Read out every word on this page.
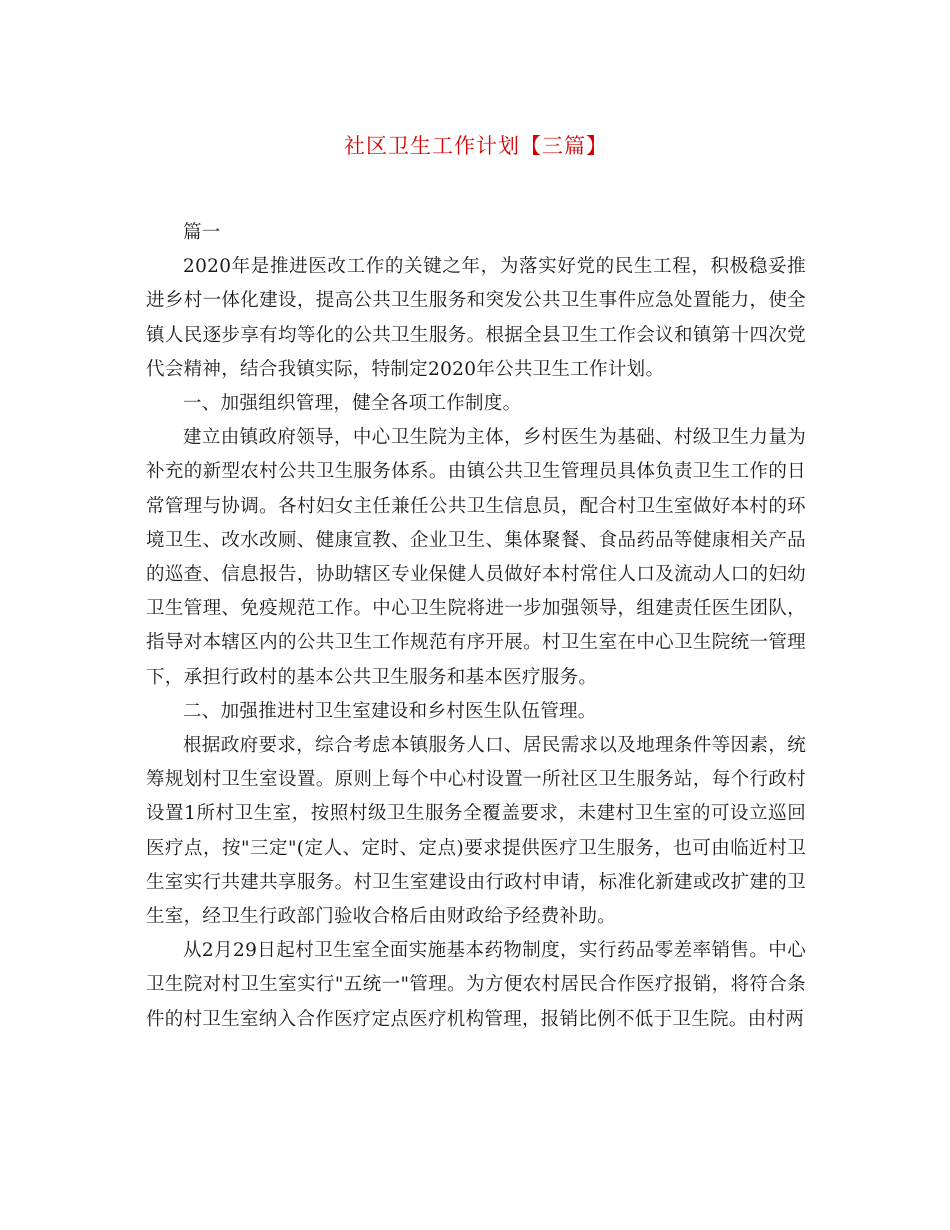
社区卫生工作计划【三篇】

篇一

2020年是推进医改工作的关键之年，为落实好党的民生工程，积极稳妥推进乡村一体化建设，提高公共卫生服务和突发公共卫生事件应急处置能力，使全镇人民逐步享有均等化的公共卫生服务。根据全县卫生工作会议和镇第十四次党代会精神，结合我镇实际，特制定2020年公共卫生工作计划。

一、加强组织管理，健全各项工作制度。

建立由镇政府领导，中心卫生院为主体，乡村医生为基础、村级卫生力量为补充的新型农村公共卫生服务体系。由镇公共卫生管理员具体负责卫生工作的日常管理与协调。各村妇女主任兼任公共卫生信息员，配合村卫生室做好本村的环境卫生、改水改厕、健康宣教、企业卫生、集体聚餐、食品药品等健康相关产品的巡查、信息报告，协助辖区专业保健人员做好本村常住人口及流动人口的妇幼卫生管理、免疫规范工作。中心卫生院将进一步加强领导，组建责任医生团队，指导对本辖区内的公共卫生工作规范有序开展。村卫生室在中心卫生院统一管理下，承担行政村的基本公共卫生服务和基本医疗服务。

二、加强推进村卫生室建设和乡村医生队伍管理。

根据政府要求，综合考虑本镇服务人口、居民需求以及地理条件等因素，统筹规划村卫生室设置。原则上每个中心村设置一所社区卫生服务站，每个行政村设置1所村卫生室，按照村级卫生服务全覆盖要求，未建村卫生室的可设立巡回医疗点，按"三定"(定人、定时、定点)要求提供医疗卫生服务，也可由临近村卫生室实行共建共享服务。村卫生室建设由行政村申请，标准化新建或改扩建的卫生室，经卫生行政部门验收合格后由财政给予经费补助。

从2月29日起村卫生室全面实施基本药物制度，实行药品零差率销售。中心卫生院对村卫生室实行"五统一"管理。为方便农村居民合作医疗报销，将符合条件的村卫生室纳入合作医疗定点医疗机构管理，报销比例不低于卫生院。由村两
